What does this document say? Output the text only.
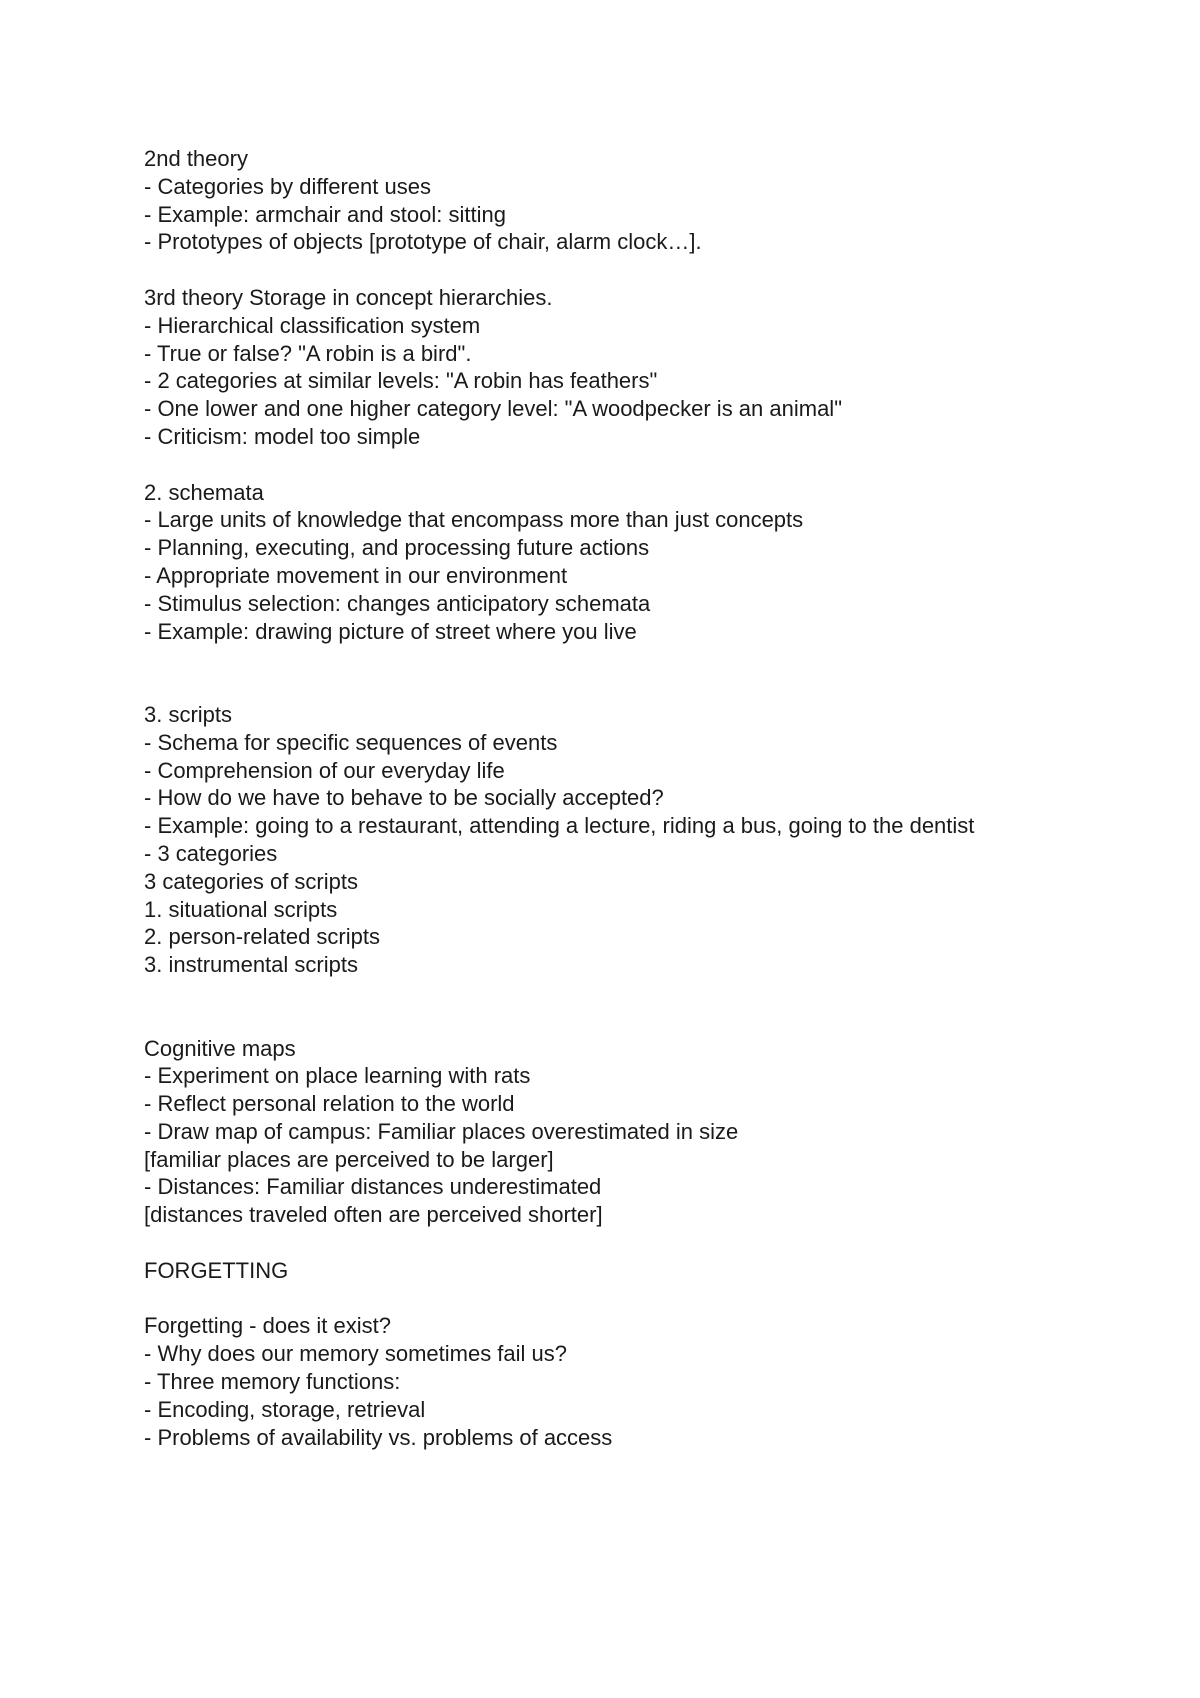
2nd theory
- Categories by different uses
- Example: armchair and stool: sitting
- Prototypes of objects [prototype of chair, alarm clock…].
3rd theory Storage in concept hierarchies.
- Hierarchical classification system
- True or false? "A robin is a bird".
- 2 categories at similar levels: "A robin has feathers"
- One lower and one higher category level: "A woodpecker is an animal"
- Criticism: model too simple
2. schemata
- Large units of knowledge that encompass more than just concepts
- Planning, executing, and processing future actions
- Appropriate movement in our environment
- Stimulus selection: changes anticipatory schemata
- Example: drawing picture of street where you live
3. scripts
- Schema for specific sequences of events
- Comprehension of our everyday life
- How do we have to behave to be socially accepted?
- Example: going to a restaurant, attending a lecture, riding a bus, going to the dentist
- 3 categories
3 categories of scripts
1. situational scripts
2. person-related scripts
3. instrumental scripts
Cognitive maps
- Experiment on place learning with rats
- Reflect personal relation to the world
- Draw map of campus: Familiar places overestimated in size
[familiar places are perceived to be larger]
- Distances: Familiar distances underestimated
[distances traveled often are perceived shorter]
FORGETTING
Forgetting - does it exist?
- Why does our memory sometimes fail us?
- Three memory functions:
- Encoding, storage, retrieval
- Problems of availability vs. problems of access
